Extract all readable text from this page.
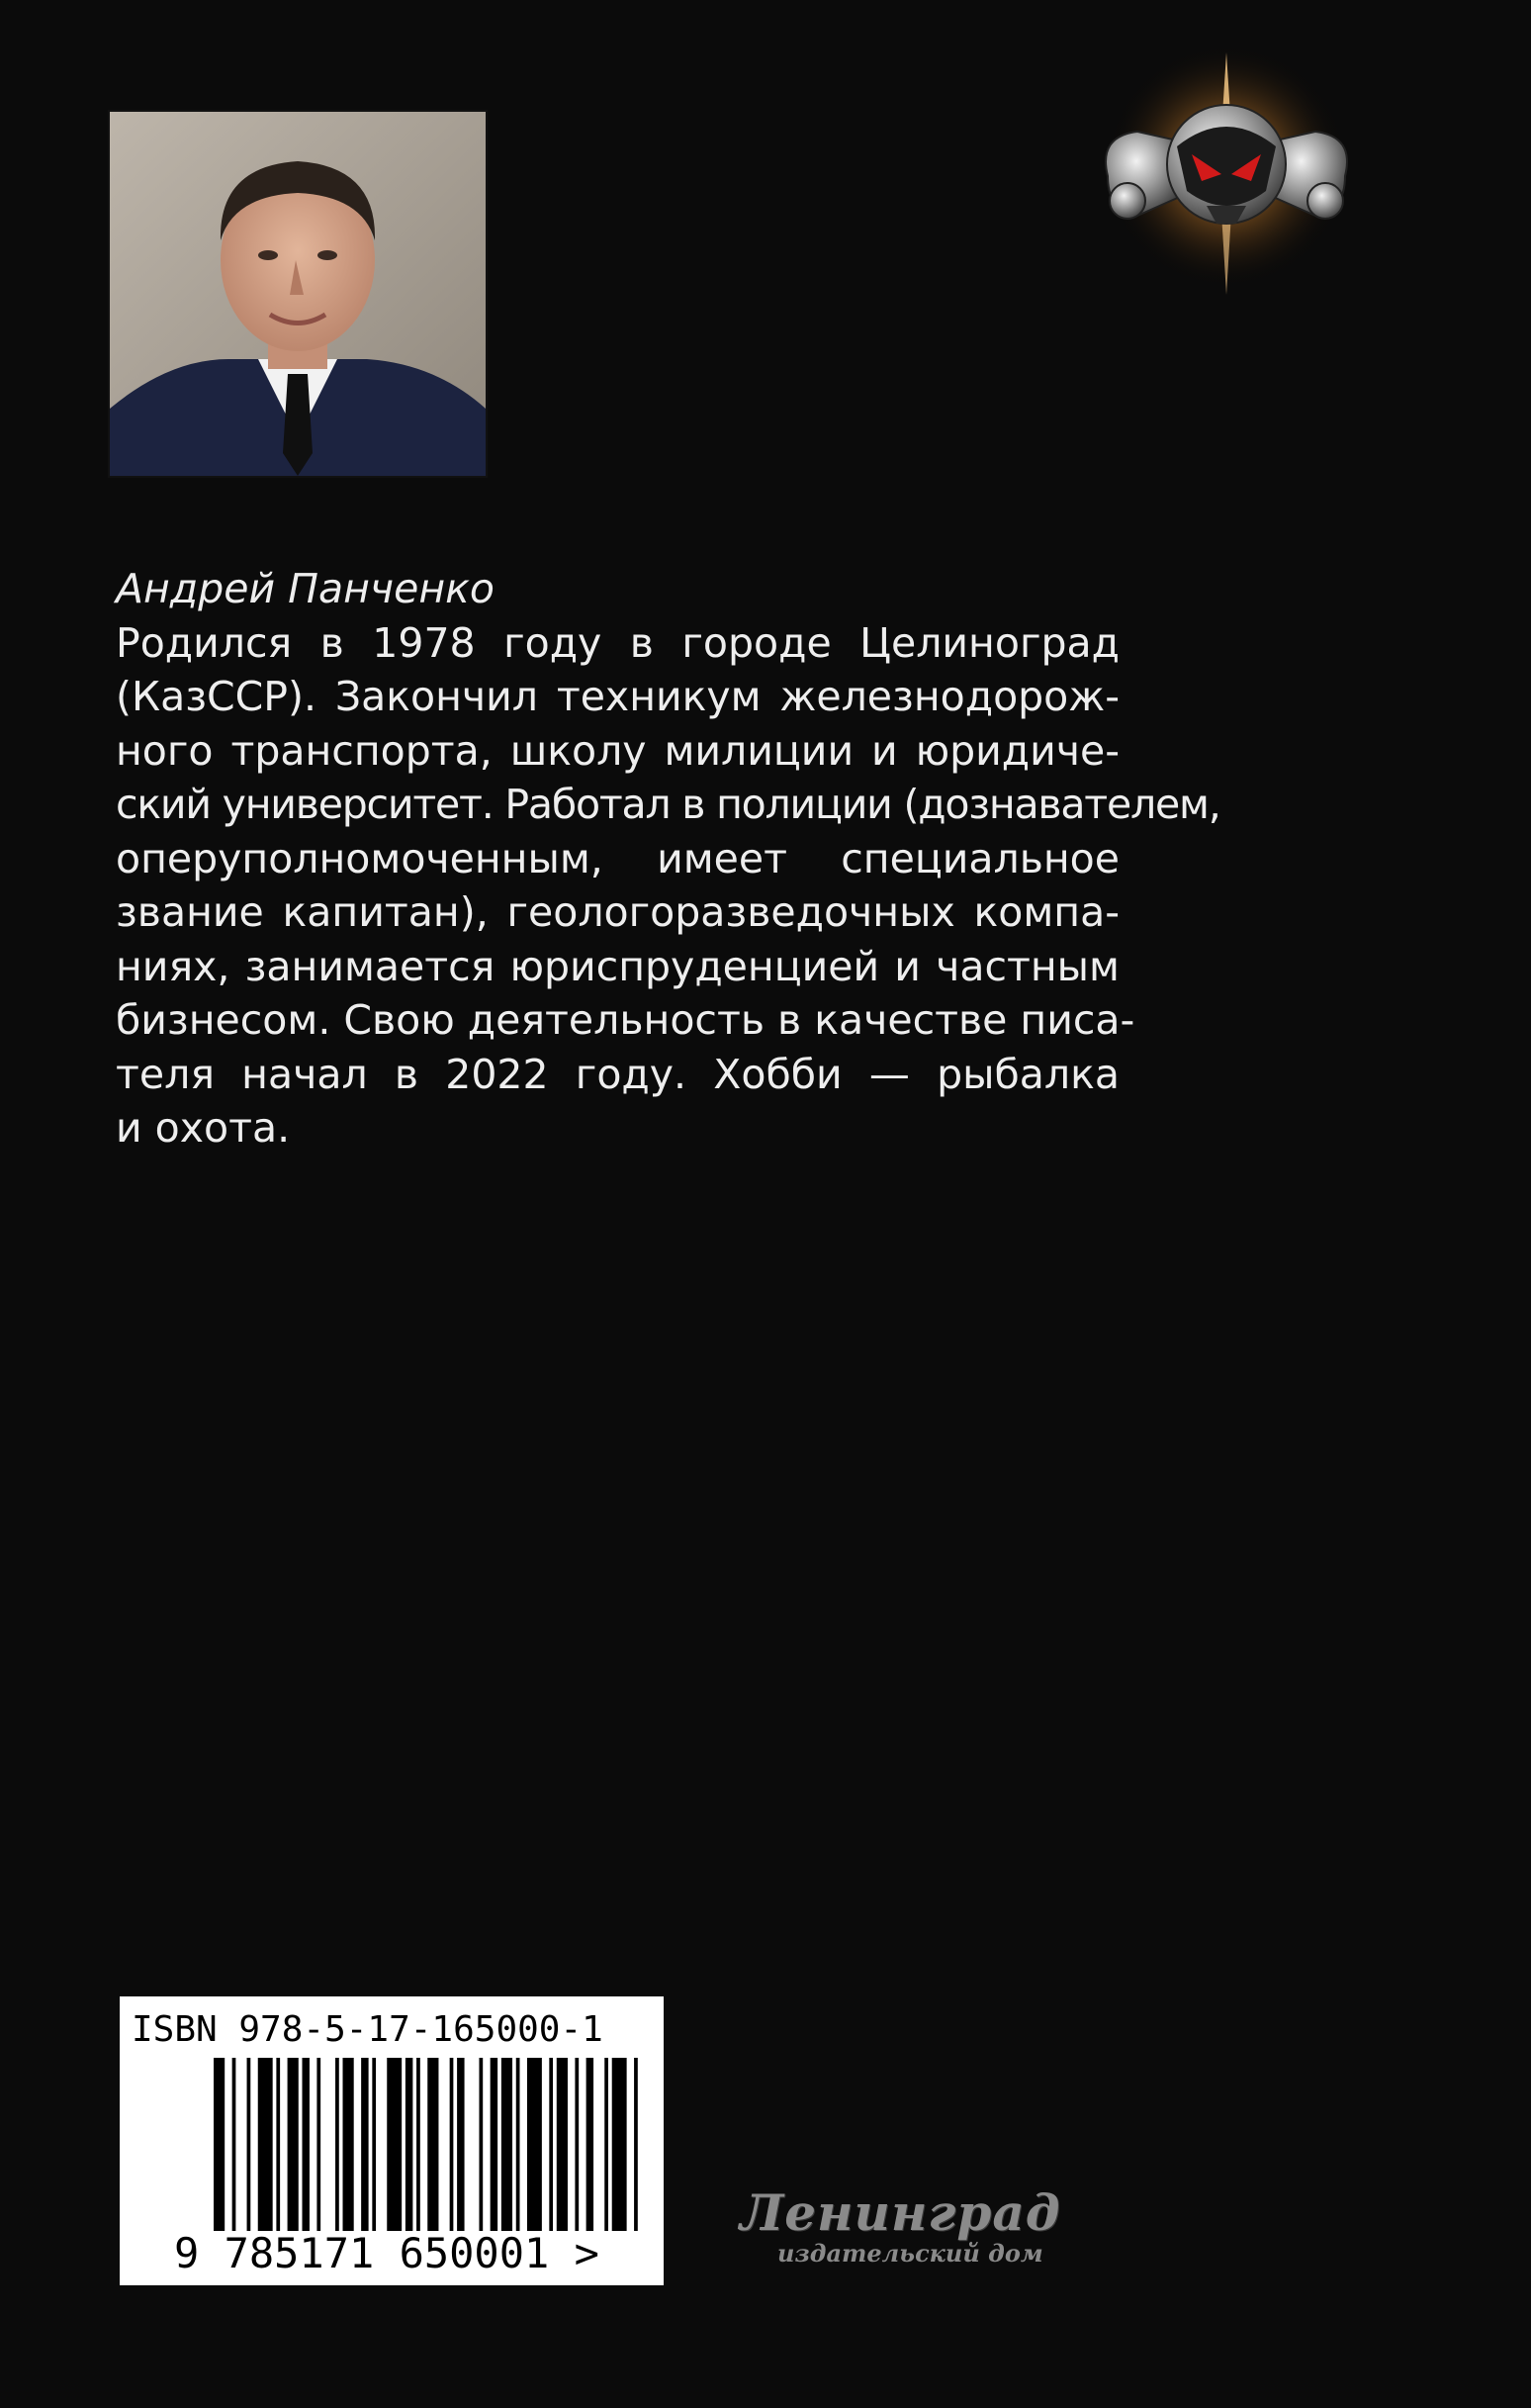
Андрей Панченко
Родился в 1978 году в городе Целиноград
(КазССР). Закончил техникум железнодорож-
ного транспорта, школу милиции и юридиче-
ский университет. Работал в полиции (дознавателем,
оперуполномоченным, имеет специальное
звание капитан), геологоразведочных компа-
ниях, занимается юриспруденцией и частным
бизнесом. Свою деятельность в качестве писа-
теля начал в 2022 году. Хобби — рыбалка
и охота.
ISBN 978-5-17-165000-1
9 785171 650001 >
Ленинград
издательский дом
